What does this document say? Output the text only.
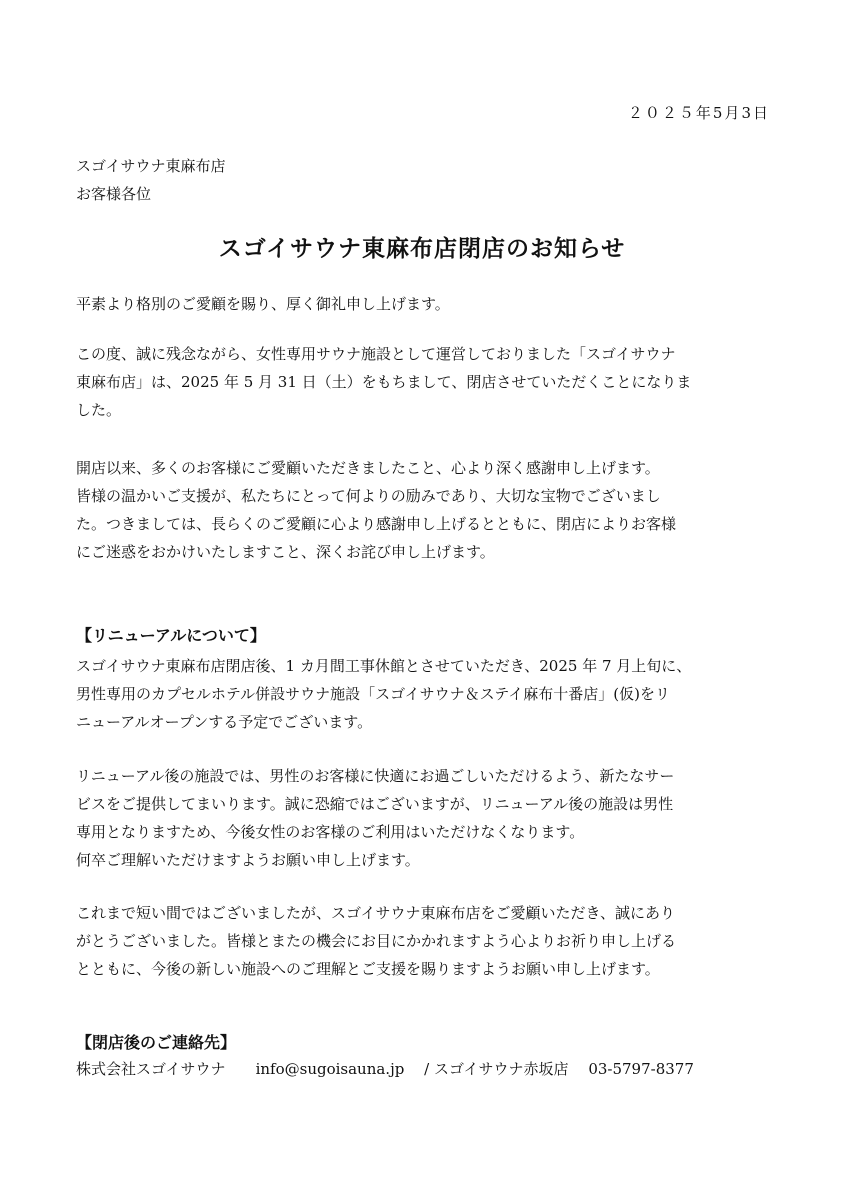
２０２５年5月3日
スゴイサウナ東麻布店
お客様各位
スゴイサウナ東麻布店閉店のお知らせ
平素より格別のご愛顧を賜り、厚く御礼申し上げます。
この度、誠に残念ながら、女性専用サウナ施設として運営しておりました「スゴイサウナ
東麻布店」は、2025 年 5 月 31 日（土）をもちまして、閉店させていただくことになりま
した。
開店以来、多くのお客様にご愛顧いただきましたこと、心より深く感謝申し上げます。
皆様の温かいご支援が、私たちにとって何よりの励みであり、大切な宝物でございまし
た。つきましては、長らくのご愛顧に心より感謝申し上げるとともに、閉店によりお客様
にご迷惑をおかけいたしますこと、深くお詫び申し上げます。
【リニューアルについて】
スゴイサウナ東麻布店閉店後、1 カ月間工事休館とさせていただき、2025 年 7 月上旬に、
男性専用のカプセルホテル併設サウナ施設「スゴイサウナ＆ステイ麻布十番店」(仮)をリ
ニューアルオープンする予定でございます。
リニューアル後の施設では、男性のお客様に快適にお過ごしいただけるよう、新たなサー
ビスをご提供してまいります。誠に恐縮ではございますが、リニューアル後の施設は男性
専用となりますため、今後女性のお客様のご利用はいただけなくなります。
何卒ご理解いただけますようお願い申し上げます。
これまで短い間ではございましたが、スゴイサウナ東麻布店をご愛顧いただき、誠にあり
がとうございました。皆様とまたの機会にお目にかかれますよう心よりお祈り申し上げる
とともに、今後の新しい施設へのご理解とご支援を賜りますようお願い申し上げます。
【閉店後のご連絡先】
株式会社スゴイサウナ　　 info@sugoisauna.jp　 / スゴイサウナ赤坂店　 03-5797-8377
